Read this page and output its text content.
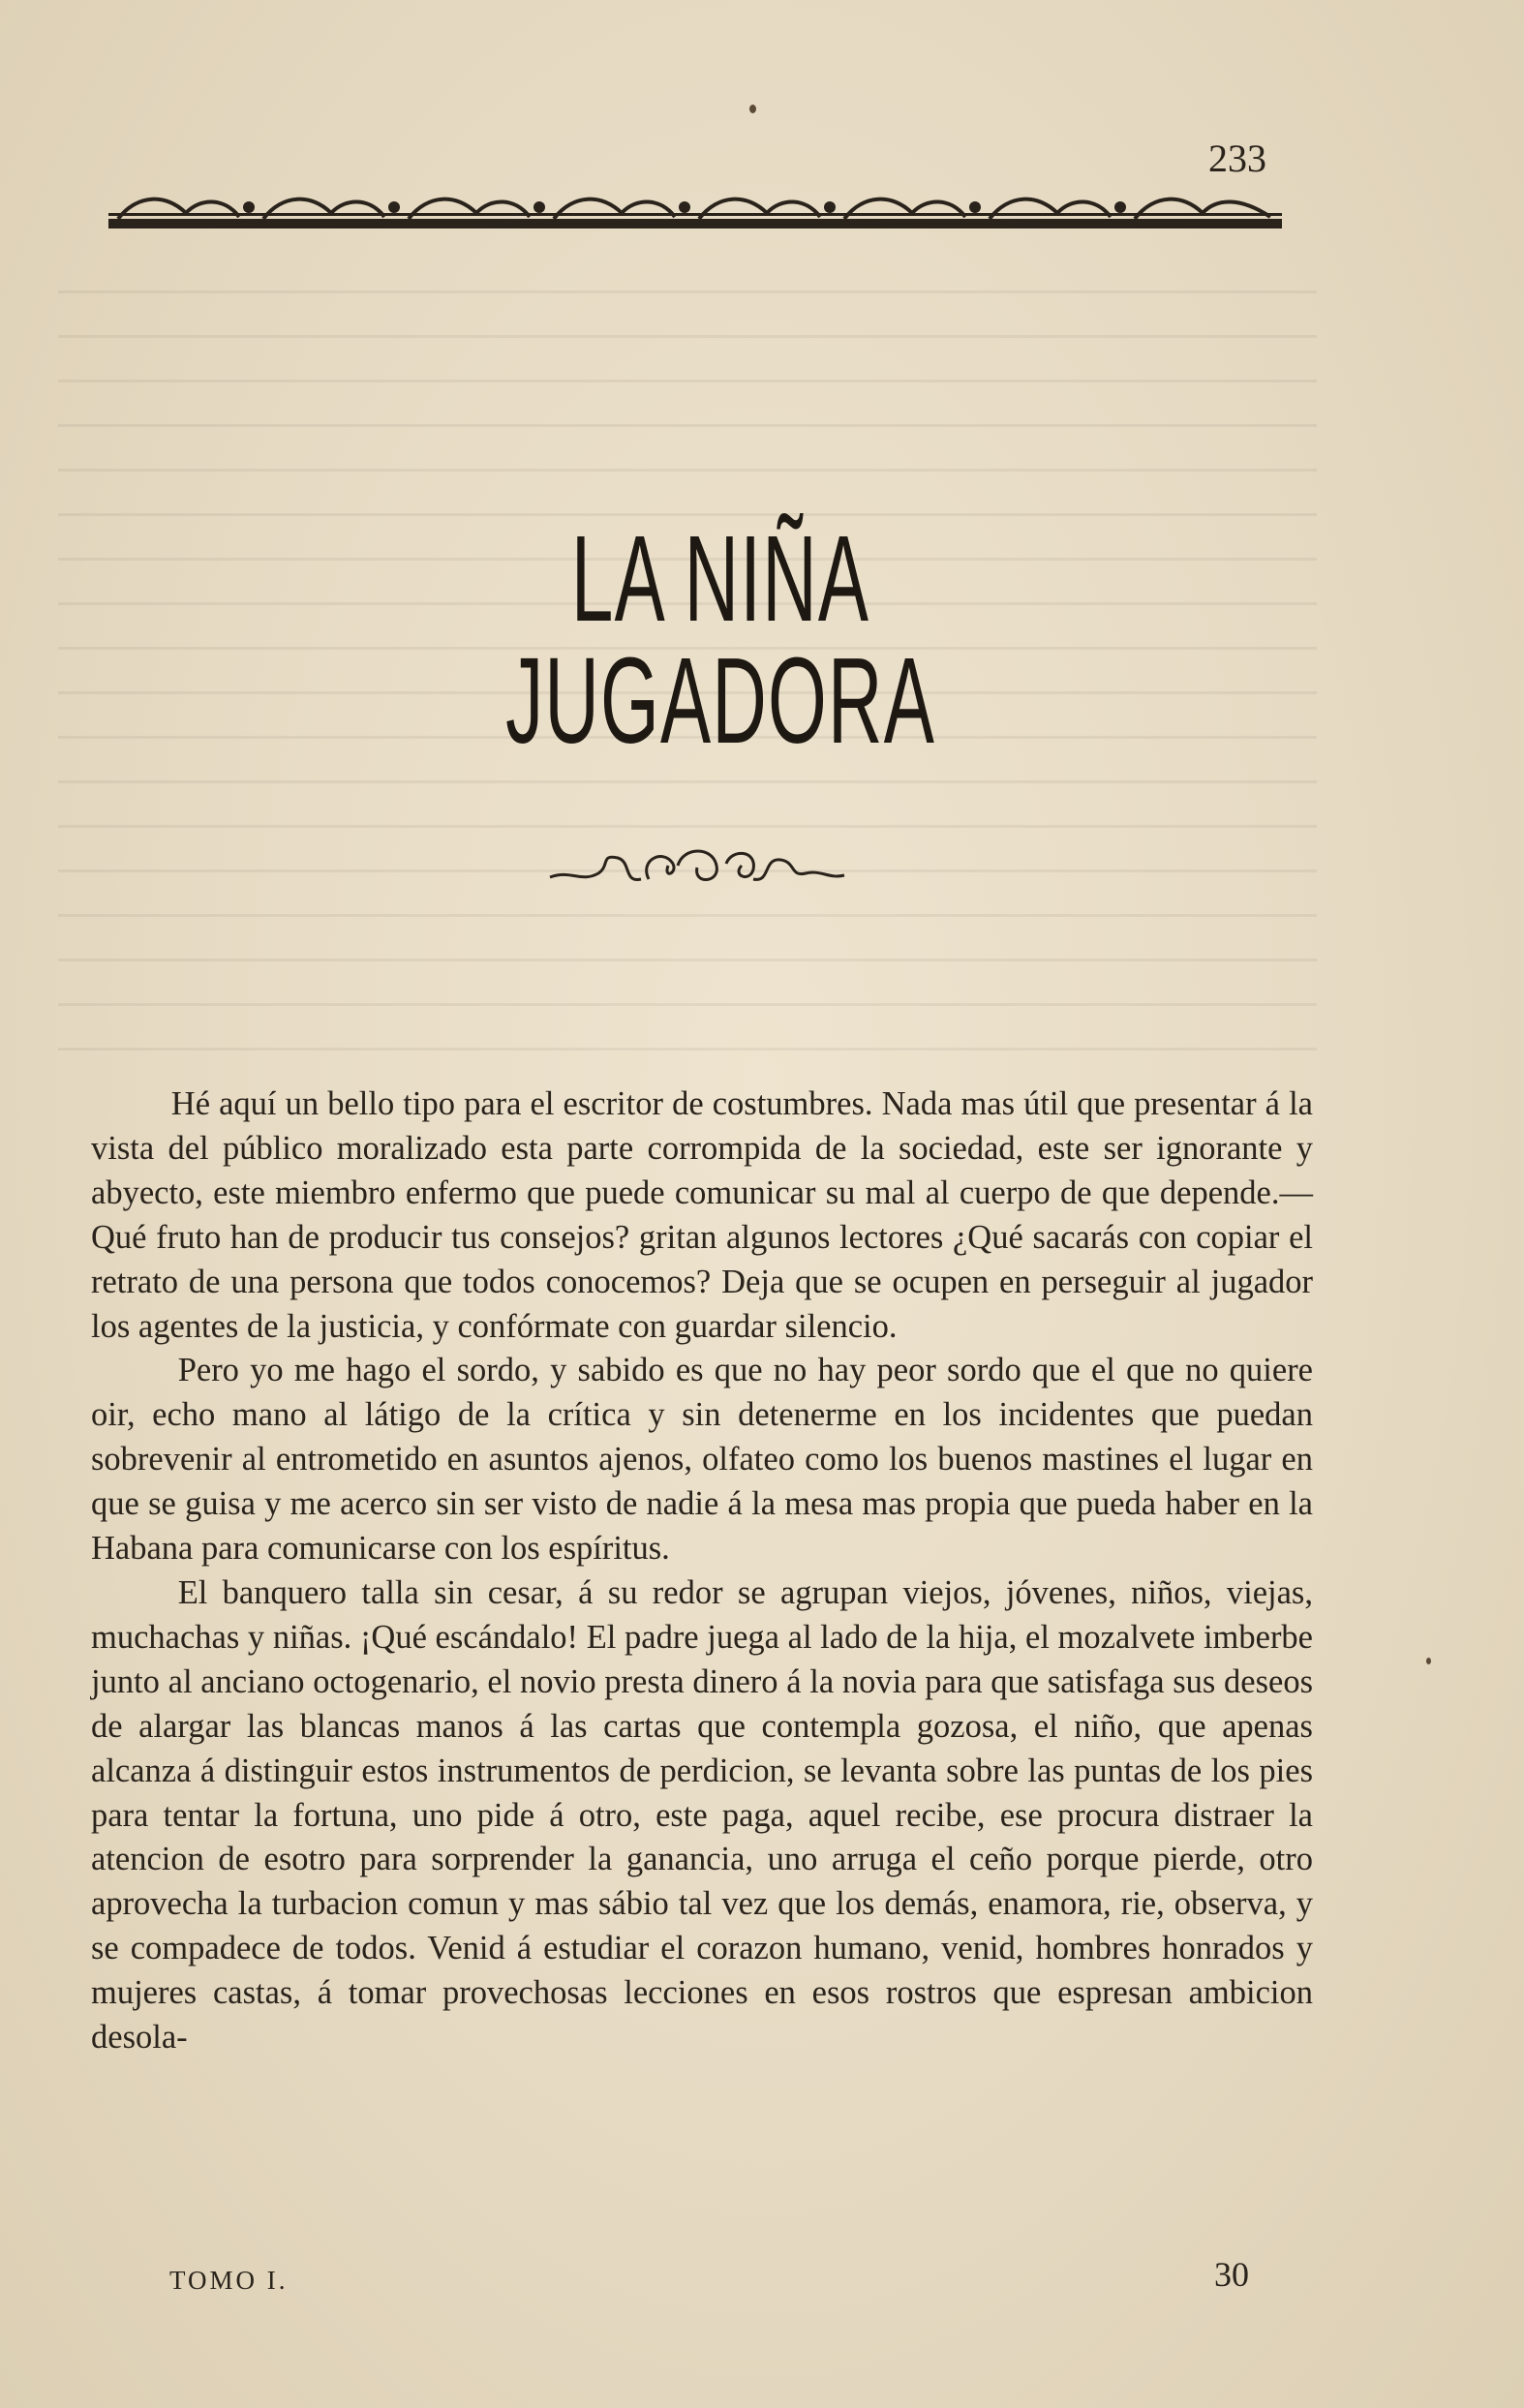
233
LA NIÑA JUGADORA

Hé aquí un bello tipo para el escritor de costumbres. Nada mas útil que presentar á la vista del público moralizado esta parte corrompida de la sociedad, este ser ignorante y abyecto, este miembro enfermo que puede comunicar su mal al cuerpo de que depende.— Qué fruto han de producir tus consejos? gritan algunos lectores ¿Qué sacarás con copiar el retrato de una persona que todos conocemos? Deja que se ocupen en perseguir al jugador los agentes de la justicia, y confórmate con guardar silencio.

Pero yo me hago el sordo, y sabido es que no hay peor sordo que el que no quiere oir, echo mano al látigo de la crítica y sin detenerme en los incidentes que puedan sobrevenir al entrometido en asuntos ajenos, olfateo como los buenos mastines el lugar en que se guisa y me acerco sin ser visto de nadie á la mesa mas propia que pueda haber en la Habana para comunicarse con los espíritus.

El banquero talla sin cesar, á su redor se agrupan viejos, jóvenes, niños, viejas, muchachas y niñas. ¡Qué escándalo! El padre juega al lado de la hija, el mozalvete imberbe junto al anciano octogenario, el novio presta dinero á la novia para que satisfaga sus deseos de alargar las blancas manos á las cartas que contempla gozosa, el niño, que apenas alcanza á distinguir estos instrumentos de perdicion, se levanta sobre las puntas de los pies para tentar la fortuna, uno pide á otro, este paga, aquel recibe, ese procura distraer la atencion de esotro para sorprender la ganancia, uno arruga el ceño porque pierde, otro aprovecha la turbacion comun y mas sábio tal vez que los demás, enamora, rie, observa, y se compadece de todos. Venid á estudiar el corazon humano, venid, hombres honrados y mujeres castas, á tomar provechosas lecciones en esos rostros que espresan ambicion desola-

TOMO I.	30
